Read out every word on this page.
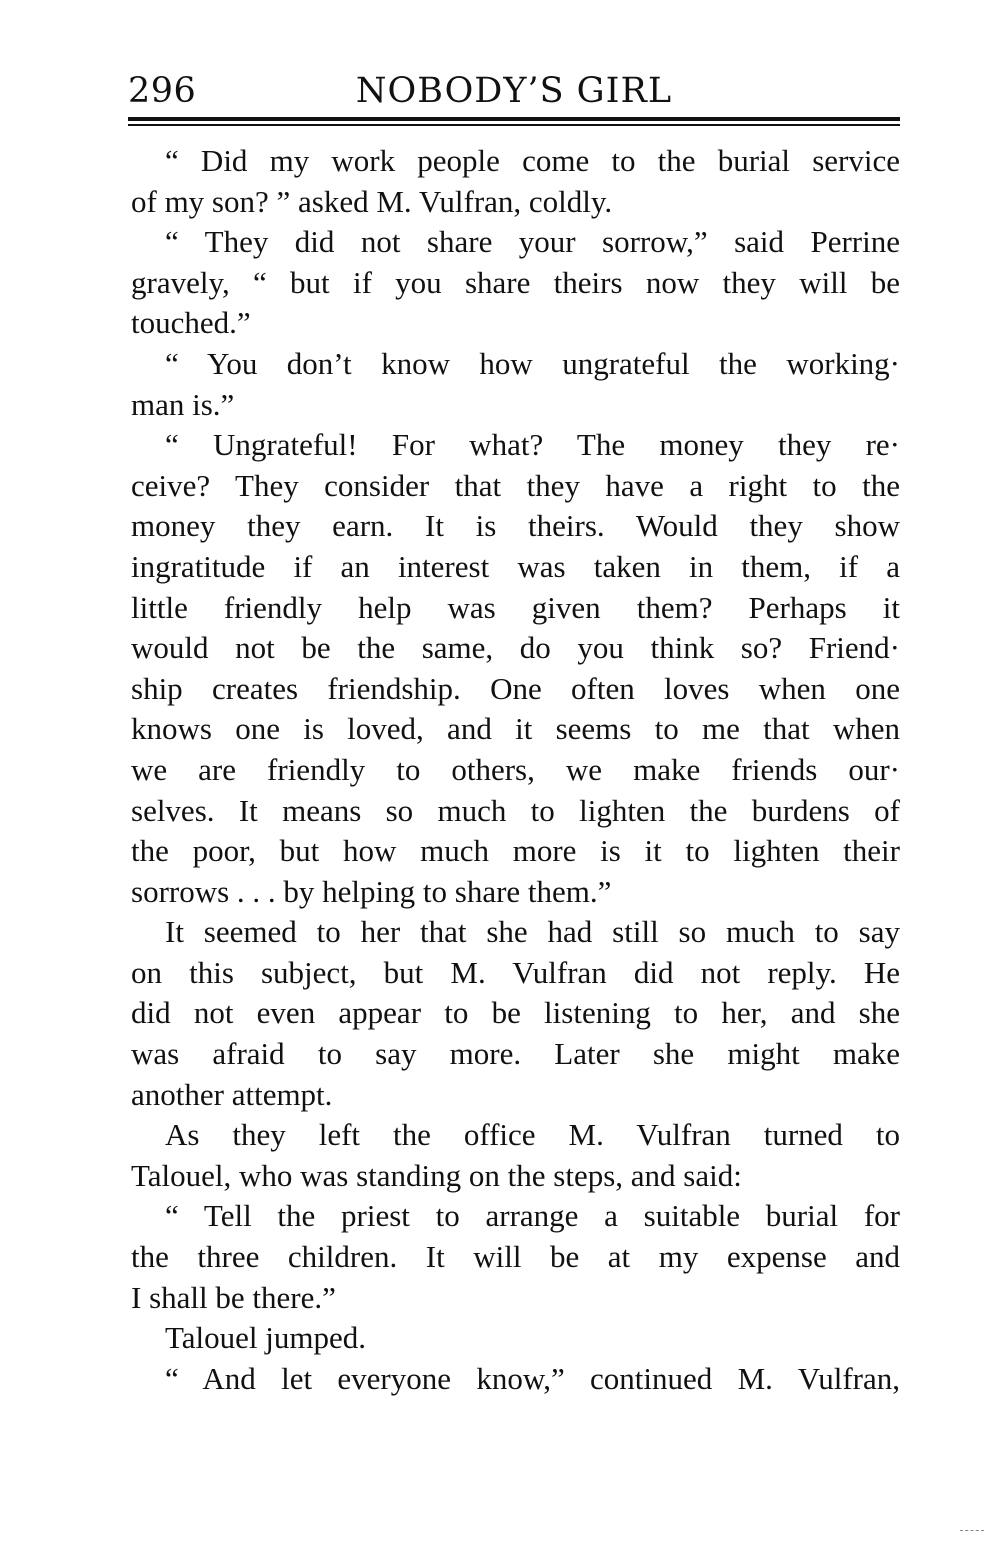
296	NOBODY’S GIRL
“ Did my work people come to the burial service
of my son? ” asked M. Vulfran, coldly.
“ They did not share your sorrow,” said Perrine
gravely, “ but if you share theirs now they will be
touched.”
“ You don’t know how ungrateful the working·
man is.”
“ Ungrateful! For what? The money they re·
ceive? They consider that they have a right to the
money they earn. It is theirs. Would they show
ingratitude if an interest was taken in them, if a
little friendly help was given them? Perhaps it
would not be the same, do you think so? Friend·
ship creates friendship. One often loves when one
knows one is loved, and it seems to me that when
we are friendly to others, we make friends our·
selves. It means so much to lighten the burdens of
the poor, but how much more is it to lighten their
sorrows . . . by helping to share them.”
It seemed to her that she had still so much to say
on this subject, but M. Vulfran did not reply. He
did not even appear to be listening to her, and she
was afraid to say more. Later she might make
another attempt.
As they left the office M. Vulfran turned to
Talouel, who was standing on the steps, and said:
“ Tell the priest to arrange a suitable burial for
the three children. It will be at my expense and
I shall be there.”
Talouel jumped.
“ And let everyone know,” continued M. Vulfran,
